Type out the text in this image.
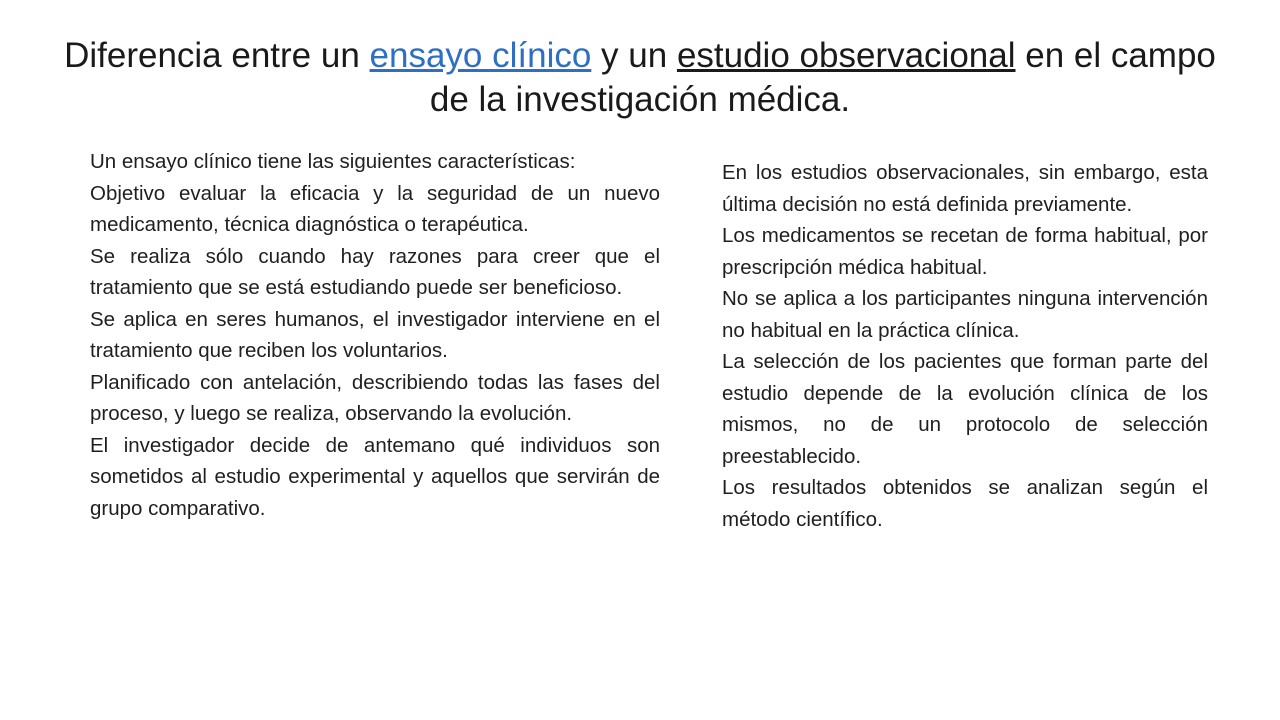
Diferencia entre un ensayo clínico y un estudio observacional en el campo de la investigación médica.

Un ensayo clínico tiene las siguientes características:

Objetivo evaluar la eficacia y la seguridad de un nuevo medicamento, técnica diagnóstica o terapéutica.

Se realiza sólo cuando hay razones para creer que el tratamiento que se está estudiando puede ser beneficioso.

Se aplica en seres humanos, el investigador interviene en el tratamiento que reciben los voluntarios.

Planificado con antelación, describiendo todas las fases del proceso, y luego se realiza, observando la evolución.

El investigador decide de antemano qué individuos son sometidos al estudio experimental y aquellos que servirán de grupo comparativo.

En los estudios observacionales, sin embargo, esta última decisión no está definida previamente.

Los medicamentos se recetan de forma habitual, por prescripción médica habitual.

No se aplica a los participantes ninguna intervención no habitual en la práctica clínica.

La selección de los pacientes que forman parte del estudio depende de la evolución clínica de los mismos, no de un protocolo de selección preestablecido.

Los resultados obtenidos se analizan según el método científico.
